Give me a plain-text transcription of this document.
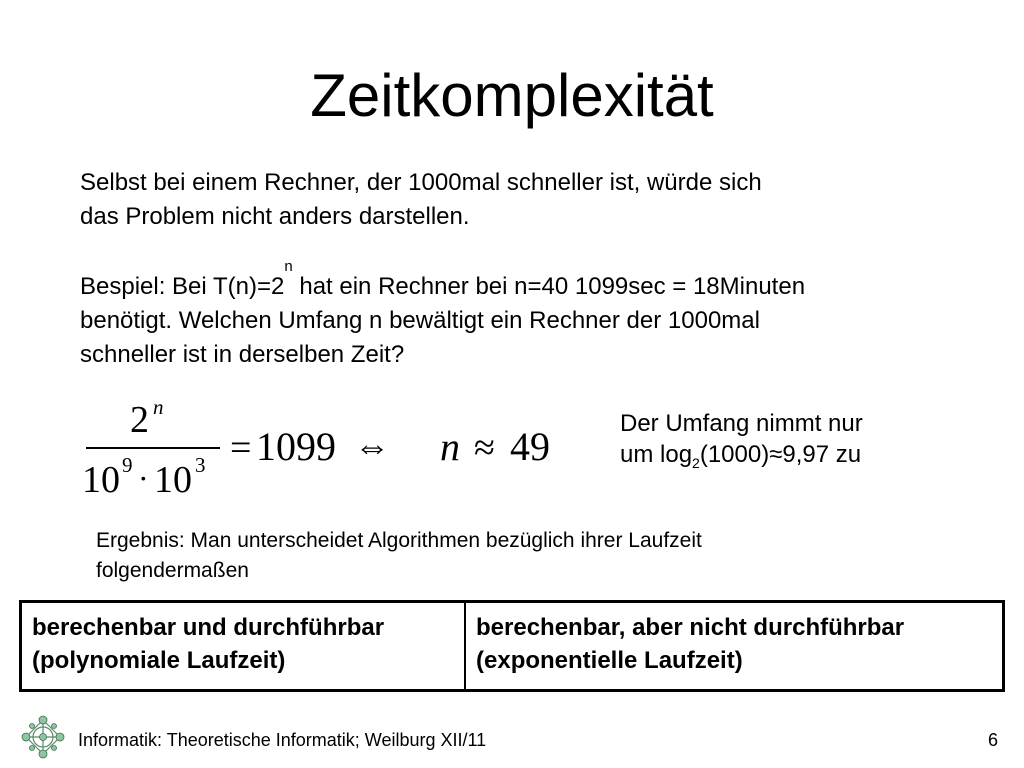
Zeitkomplexität
Selbst bei einem Rechner, der 1000mal schneller ist, würde sich
das Problem nicht anders darstellen.
Bespiel: Bei $T(n)=2^n$ hat ein Rechner bei n=40 1099sec = 18Minuten
benötigt. Welchen Umfang n bewältigt ein Rechner der 1000mal
schneller ist in derselben Zeit?
2 n
10 9 · 10 3 = 1099 ⇔ n ≈ 49
Der Umfang nimmt nur
um $\log_2(1000)\approx 9,97$ zu
Ergebnis: Man unterscheidet Algorithmen bezüglich ihrer Laufzeit
folgendermaßen
berechenbar und durchführbar
(polynomiale Laufzeit)

berechenbar, aber nicht durchführbar
(exponentielle Laufzeit)
Informatik: Theoretische Informatik; Weilburg XII/11	6
